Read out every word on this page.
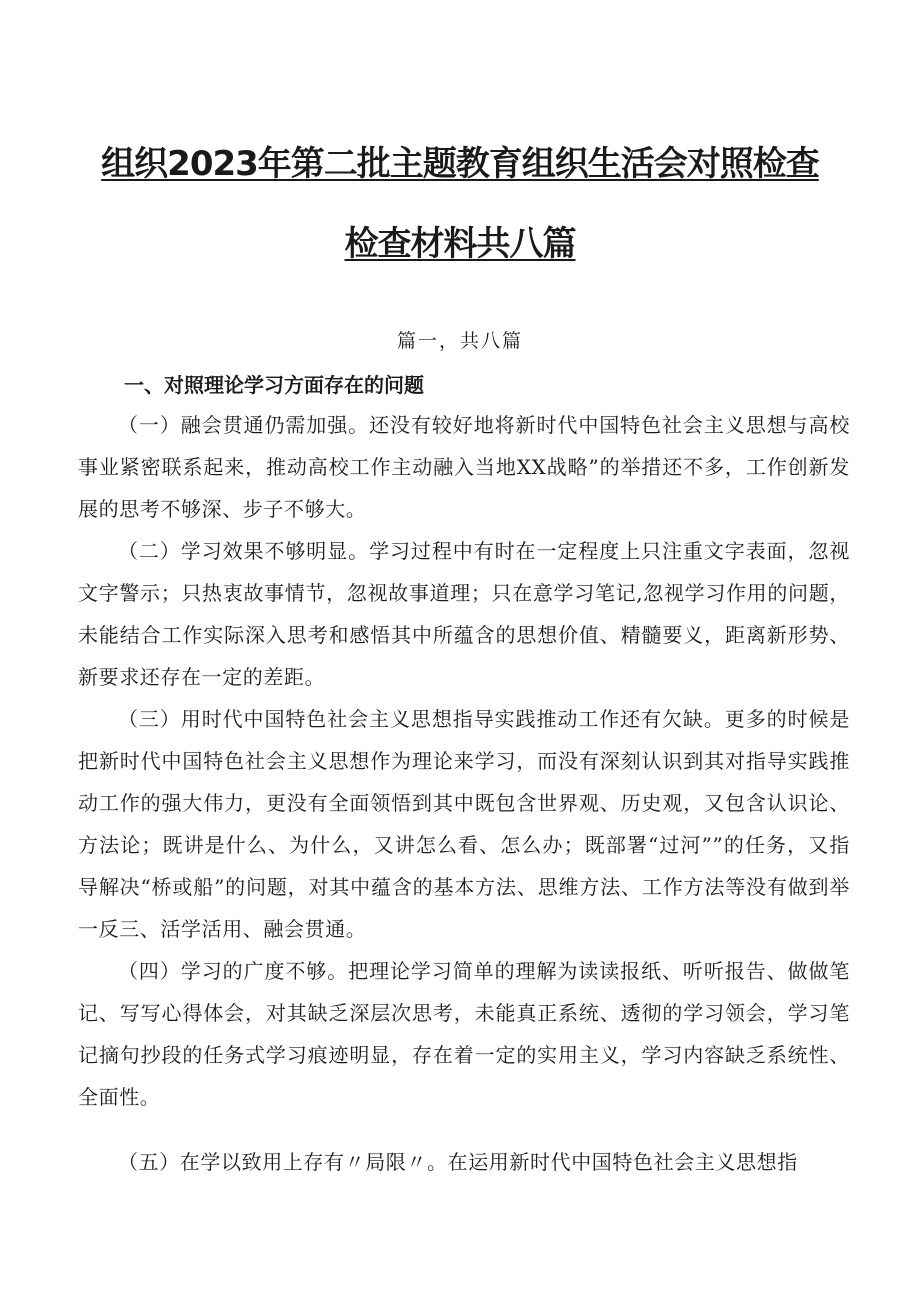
组织2023年第二批主题教育组织生活会对照检查
检查材料共八篇
篇一，共八篇
一、对照理论学习方面存在的问题

（一）融会贯通仍需加强。还没有较好地将新时代中国特色社会主义思想与高校事业紧密联系起来，推动高校工作主动融入当地XX战略”的举措还不多，工作创新发展的思考不够深、步子不够大。

（二）学习效果不够明显。学习过程中有时在一定程度上只注重文字表面，忽视文字警示；只热衷故事情节，忽视故事道理；只在意学习笔记,忽视学习作用的问题，未能结合工作实际深入思考和感悟其中所蕴含的思想价值、精髓要义，距离新形势、新要求还存在一定的差距。

（三）用时代中国特色社会主义思想指导实践推动工作还有欠缺。更多的时候是把新时代中国特色社会主义思想作为理论来学习，而没有深刻认识到其对指导实践推动工作的强大伟力，更没有全面领悟到其中既包含世界观、历史观，又包含认识论、方法论；既讲是什么、为什么，又讲怎么看、怎么办；既部署“过河””的任务，又指导解决“桥或船”的问题，对其中蕴含的基本方法、思维方法、工作方法等没有做到举一反三、活学活用、融会贯通。

（四）学习的广度不够。把理论学习简单的理解为读读报纸、听听报告、做做笔记、写写心得体会，对其缺乏深层次思考，未能真正系统、透彻的学习领会，学习笔记摘句抄段的任务式学习痕迹明显，存在着一定的实用主义，学习内容缺乏系统性、全面性。

（五）在学以致用上存有〃局限〃。在运用新时代中国特色社会主义思想指
